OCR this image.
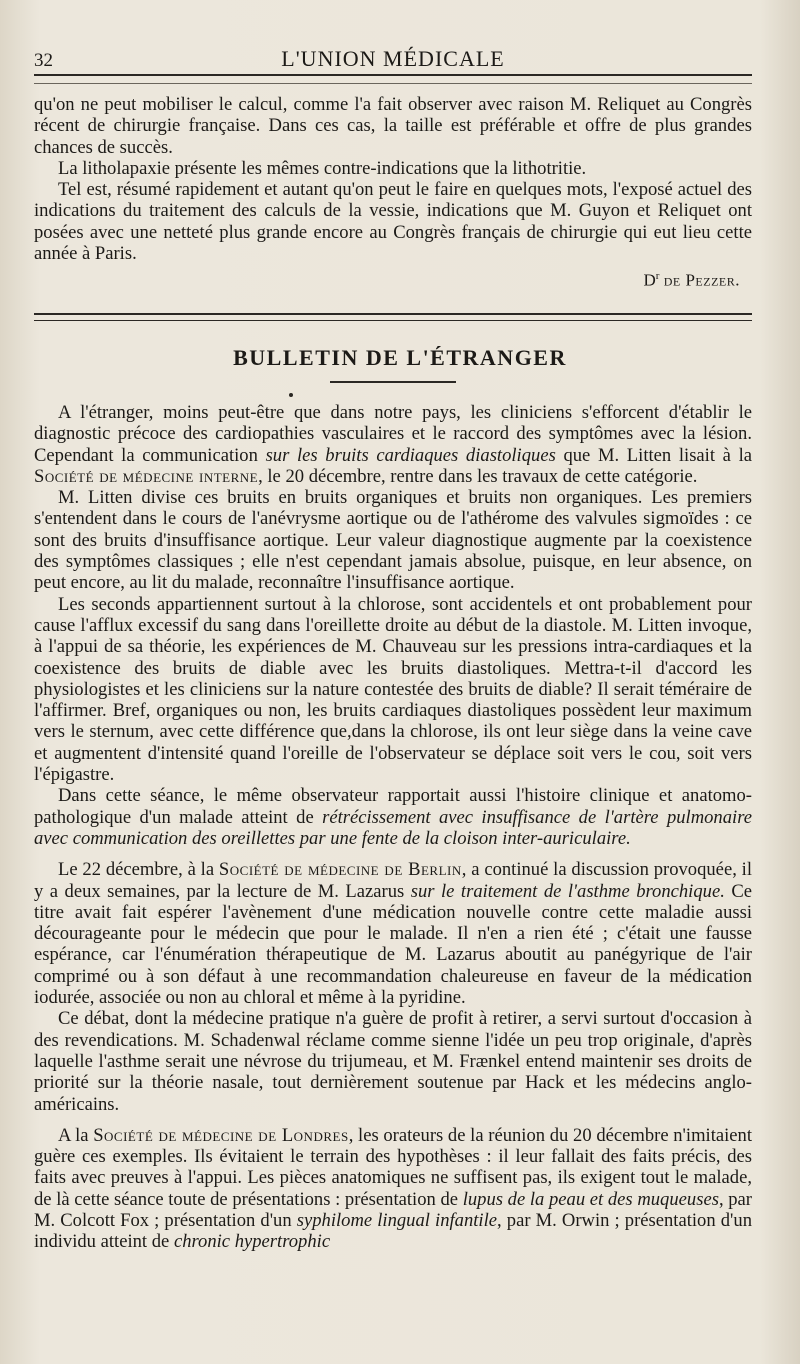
32	L'UNION MÉDICALE

qu'on ne peut mobiliser le calcul, comme l'a fait observer avec raison M. Reliquet au Congrès récent de chirurgie française. Dans ces cas, la taille est préférable et offre de plus grandes chances de succès.

La litholapaxie présente les mêmes contre-indications que la lithotritie.

Tel est, résumé rapidement et autant qu'on peut le faire en quelques mots, l'exposé actuel des indications du traitement des calculs de la vessie, indications que M. Guyon et Reliquet ont posées avec une netteté plus grande encore au Congrès français de chirurgie qui eut lieu cette année à Paris.

$D^r$ de Pezzer.
BULLETIN DE L'ÉTRANGER

A l'étranger, moins peut-être que dans notre pays, les cliniciens s'efforcent d'établir le diagnostic précoce des cardiopathies vasculaires et le raccord des symptômes avec la lésion. Cependant la communication sur les bruits cardiaques diastoliques que M. Litten lisait à la Société de médecine interne, le 20 décembre, rentre dans les travaux de cette catégorie.

M. Litten divise ces bruits en bruits organiques et bruits non organiques. Les premiers s'entendent dans le cours de l'anévrysme aortique ou de l'athérome des valvules sigmoïdes : ce sont des bruits d'insuffisance aortique. Leur valeur diagnostique augmente par la coexistence des symptômes classiques ; elle n'est cependant jamais absolue, puisque, en leur absence, on peut encore, au lit du malade, reconnaître l'insuffisance aortique.

Les seconds appartiennent surtout à la chlorose, sont accidentels et ont probablement pour cause l'afflux excessif du sang dans l'oreillette droite au début de la diastole. M. Litten invoque, à l'appui de sa théorie, les expériences de M. Chauveau sur les pressions intra-cardiaques et la coexistence des bruits de diable avec les bruits diastoliques. Mettra-t-il d'accord les physiologistes et les cliniciens sur la nature contestée des bruits de diable? Il serait téméraire de l'affirmer. Bref, organiques ou non, les bruits cardiaques diastoliques possèdent leur maximum vers le sternum, avec cette différence que,dans la chlorose, ils ont leur siège dans la veine cave et augmentent d'intensité quand l'oreille de l'observateur se déplace soit vers le cou, soit vers l'épigastre.

Dans cette séance, le même observateur rapportait aussi l'histoire clinique et anatomo-pathologique d'un malade atteint de rétrécissement avec insuffisance de l'artère pulmonaire avec communication des oreillettes par une fente de la cloison inter-auriculaire.

Le 22 décembre, à la Société de médecine de Berlin, a continué la discussion provoquée, il y a deux semaines, par la lecture de M. Lazarus sur le traitement de l'asthme bronchique. Ce titre avait fait espérer l'avènement d'une médication nouvelle contre cette maladie aussi décourageante pour le médecin que pour le malade. Il n'en a rien été ; c'était une fausse espérance, car l'énumération thérapeutique de M. Lazarus aboutit au panégyrique de l'air comprimé ou à son défaut à une recommandation chaleureuse en faveur de la médication iodurée, associée ou non au chloral et même à la pyridine.

Ce débat, dont la médecine pratique n'a guère de profit à retirer, a servi surtout d'occasion à des revendications. M. Schadenwal réclame comme sienne l'idée un peu trop originale, d'après laquelle l'asthme serait une névrose du trijumeau, et M. Frænkel entend maintenir ses droits de priorité sur la théorie nasale, tout dernièrement soutenue par Hack et les médecins anglo-américains.

A la Société de médecine de Londres, les orateurs de la réunion du 20 décembre n'imitaient guère ces exemples. Ils évitaient le terrain des hypothèses : il leur fallait des faits précis, des faits avec preuves à l'appui. Les pièces anatomiques ne suffisent pas, ils exigent tout le malade, de là cette séance toute de présentations : présentation de lupus de la peau et des muqueuses, par M. Colcott Fox ; présentation d'un syphilome lingual infantile, par M. Orwin ; présentation d'un individu atteint de chronic hypertrophic
